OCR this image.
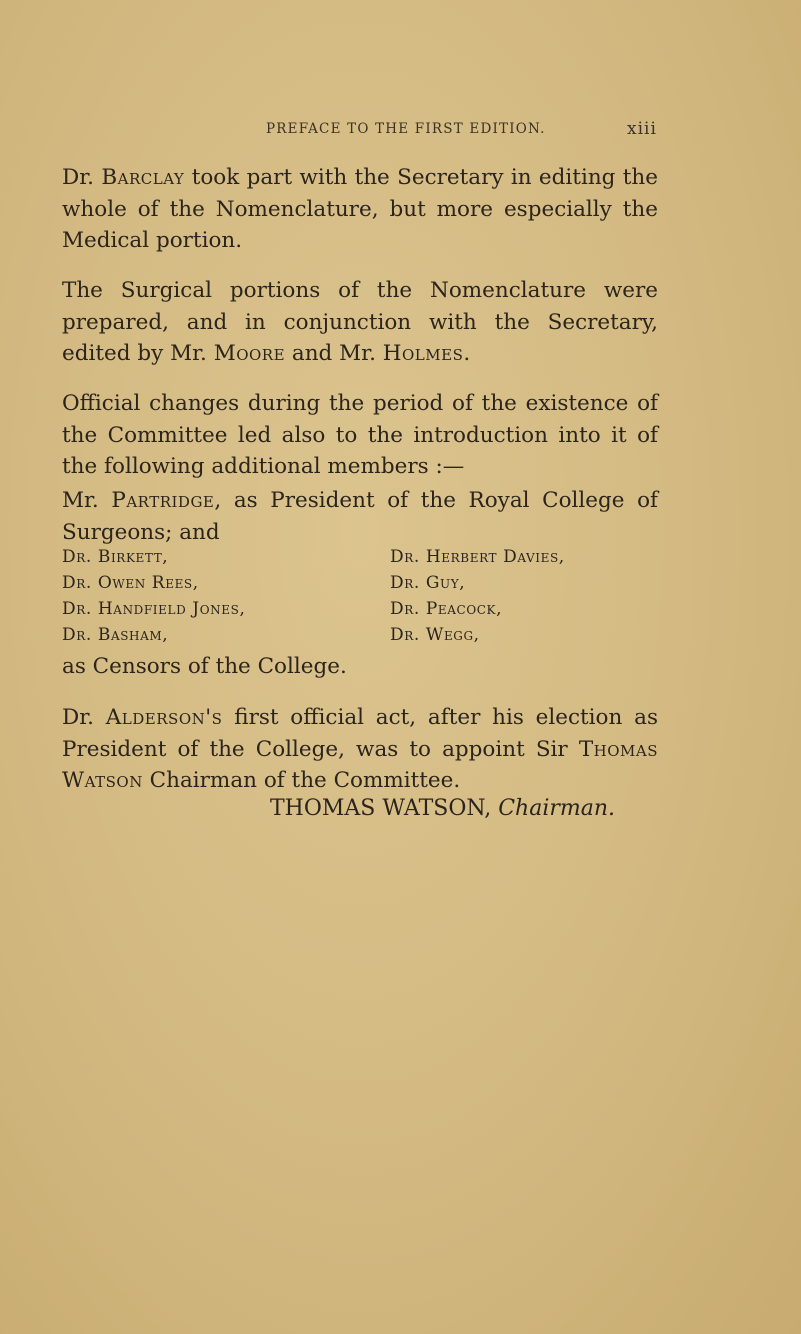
PREFACE TO THE FIRST EDITION.	xiii

Dr. Barclay took part with the Secretary in editing the whole of the Nomenclature, but more especially the Medical portion.

The Surgical portions of the Nomenclature were prepared, and in conjunction with the Secretary, edited by Mr. Moore and Mr. Holmes.

Official changes during the period of the existence of the Committee led also to the introduction into it of the following additional members :—

Mr. Partridge, as President of the Royal College of Surgeons; and

Dr. Birkett,
Dr. Owen Rees,
Dr. Handfield Jones,
Dr. Basham,
Dr. Herbert Davies,
Dr. Guy,
Dr. Peacock,
Dr. Wegg,

as Censors of the College.

Dr. Alderson's first official act, after his election as President of the College, was to appoint Sir Thomas Watson Chairman of the Committee.

THOMAS WATSON, Chairman.
